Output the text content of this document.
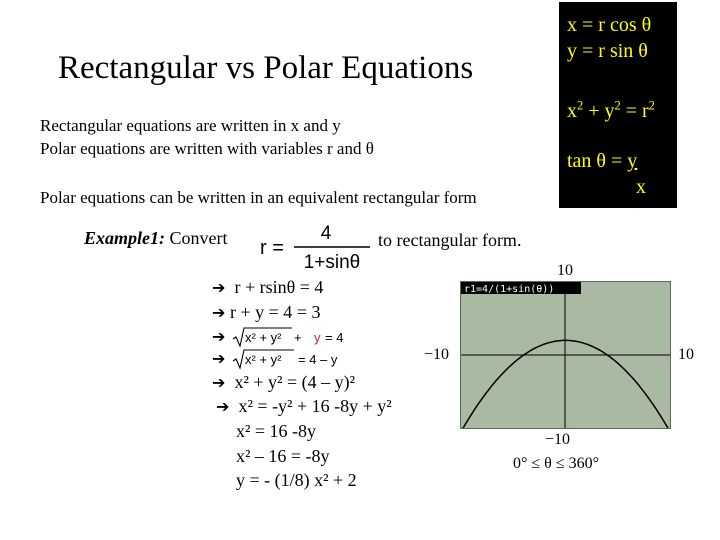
Rectangular vs Polar Equations
Rectangular equations are written in x and y
Polar equations are written with variables r and θ
Polar equations can be written in an equivalent rectangular form
x = r cos θ
y = r sin θ
$x^2 + y^2 = r^2$
tan θ = y
x
Example1: Convert r =
4
1+sinθ
to rectangular form.
➔ r + rsinθ = 4
➔ r + y = 4 = 3
➔
➔
x² + y² + y = 4
x² + y² = 4 – y
➔ x² + y² = (4 – y)²
➔ x² = -y² + 16 -8y + y²
x² = 16 -8y
x² – 16 = -8y
y = - (1/8) x² + 2
10
r1=4/(1+sin(θ))
−10	10
−10
0° ≤ θ ≤ 360°
